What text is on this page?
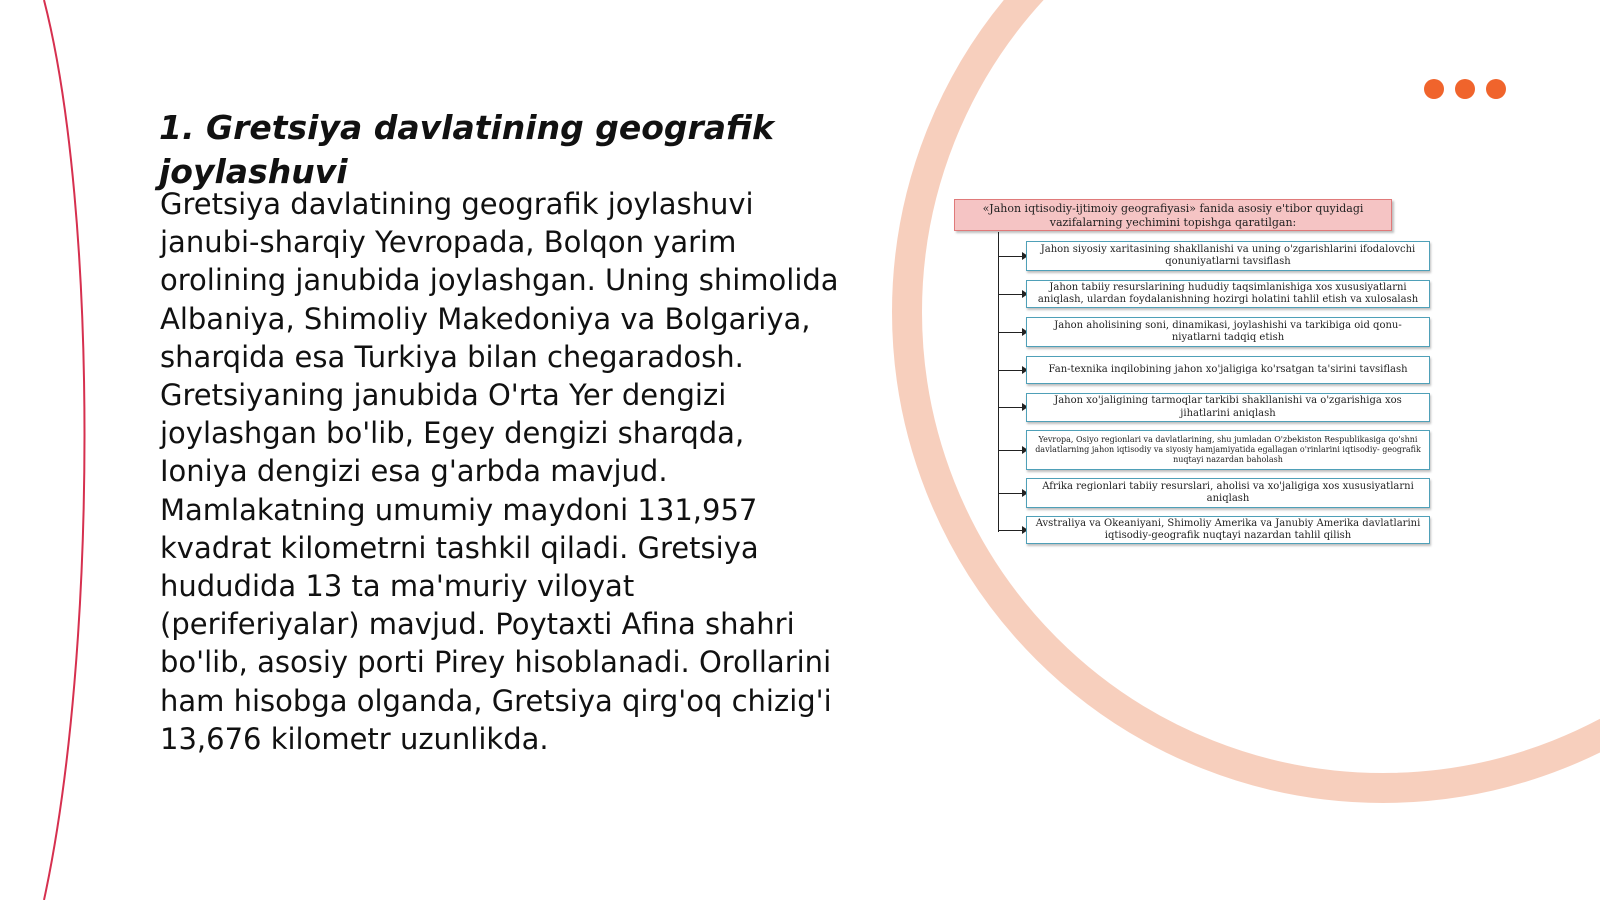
1. Gretsiya davlatining geografik joylashuvi

Gretsiya davlatining geografik joylashuvi janubi-sharqiy Yevropada, Bolqon yarim orolining janubida joylashgan. Uning shimolida Albaniya, Shimoliy Makedoniya va Bolgariya, sharqida esa Turkiya bilan chegaradosh. Gretsiyaning janubida O'rta Yer dengizi joylashgan bo'lib, Egey dengizi sharqda, Ioniya dengizi esa g'arbda mavjud. Mamlakatning umumiy maydoni 131,957 kvadrat kilometrni tashkil qiladi. Gretsiya hududida 13 ta ma'muriy viloyat (periferiyalar) mavjud. Poytaxti Afina shahri bo'lib, asosiy porti Pirey hisoblanadi. Orollarini ham hisobga olganda, Gretsiya qirg'oq chizig'i 13,676 kilometr uzunlikda.

«Jahon iqtisodiy-ijtimoiy geografiyasi» fanida asosiy e'tibor quyidagi vazifalarning yechimini topishga qaratilgan:
Jahon siyosiy xaritasining shakllanishi va uning o'zgarishlarini ifodalovchi qonuniyatlarni tavsiflash
Jahon tabiiy resurslarining hududiy taqsimlanishiga xos xususiyatlarni aniqlash, ulardan foydalanishning hozirgi holatini tahlil etish va xulosalash
Jahon aholisining soni, dinamikasi, joylashishi va tarkibiga oid qonu-niyatlarni tadqiq etish
Fan-texnika inqilobining jahon xo'jaligiga ko'rsatgan ta'sirini tavsiflash
Jahon xo'jaligining tarmoqlar tarkibi shakllanishi va o'zgarishiga xos jihatlarini aniqlash
Yevropa, Osiyo regionlari va davlatlarining, shu jumladan O'zbekiston Respublikasiga qo'shni davlatlarning jahon iqtisodiy va siyosiy hamjamiyatida egallagan o'rinlarini iqtisodiy- geografik nuqtayi nazardan baholash
Afrika regionlari tabiiy resurslari, aholisi va xo'jaligiga xos xususiyatlarni aniqlash
Avstraliya va Okeaniyani, Shimoliy Amerika va Janubiy Amerika davlatlarini iqtisodiy-geografik nuqtayi nazardan tahlil qilish
